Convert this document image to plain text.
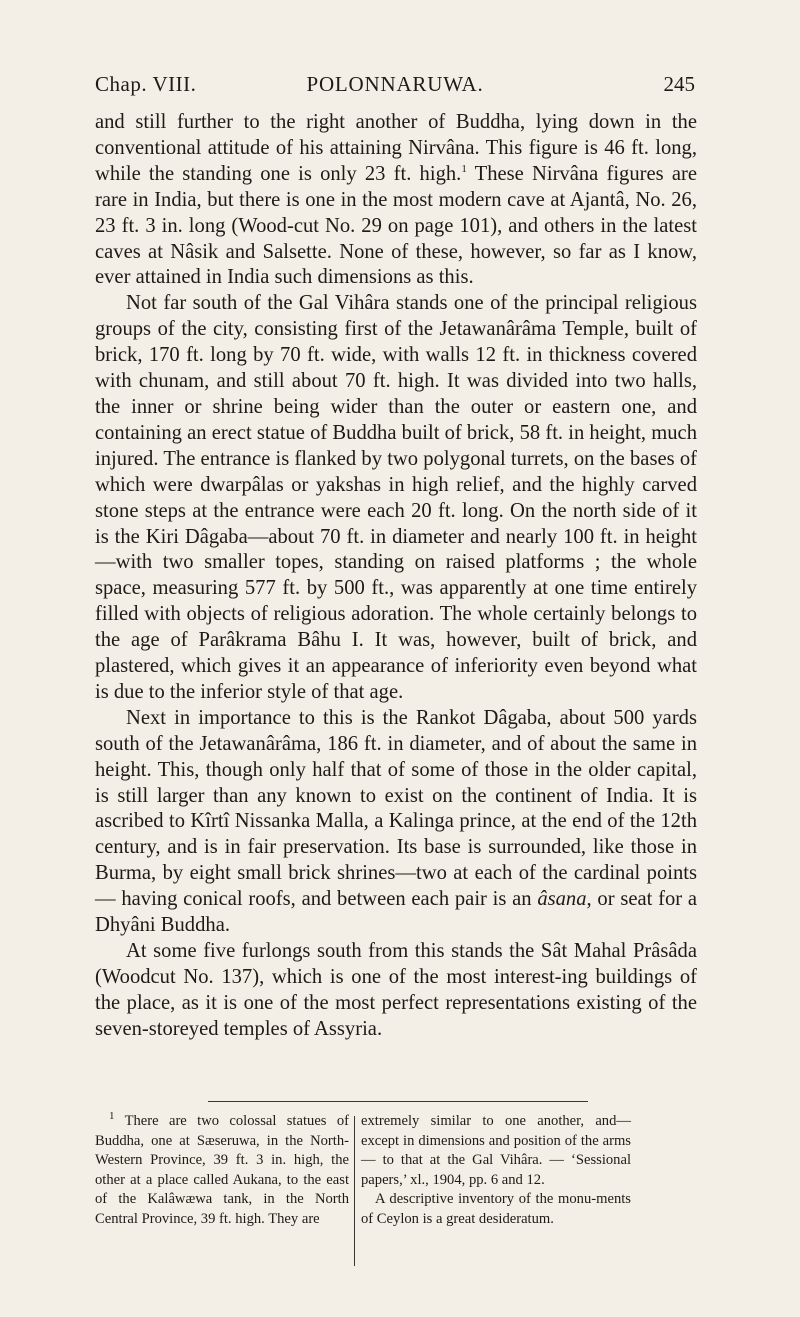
Chap. VIII.	POLONNARUWA.	245

and still further to the right another of Buddha, lying down in the conventional attitude of his attaining Nirvâna. This figure is 46 ft. long, while the standing one is only 23 ft. high.$^1$ These Nirvâna figures are rare in India, but there is one in the most modern cave at Ajantâ, No. 26, 23 ft. 3 in. long (Wood-cut No. 29 on page 101), and others in the latest caves at Nâsik and Salsette. None of these, however, so far as I know, ever attained in India such dimensions as this.

Not far south of the Gal Vihâra stands one of the principal religious groups of the city, consisting first of the Jetawanârâma Temple, built of brick, 170 ft. long by 70 ft. wide, with walls 12 ft. in thickness covered with chunam, and still about 70 ft. high. It was divided into two halls, the inner or shrine being wider than the outer or eastern one, and containing an erect statue of Buddha built of brick, 58 ft. in height, much injured. The entrance is flanked by two polygonal turrets, on the bases of which were dwarpâlas or yakshas in high relief, and the highly carved stone steps at the entrance were each 20 ft. long. On the north side of it is the Kiri Dâgaba—about 70 ft. in diameter and nearly 100 ft. in height—with two smaller topes, standing on raised platforms ; the whole space, measuring 577 ft. by 500 ft., was apparently at one time entirely filled with objects of religious adoration. The whole certainly belongs to the age of Parâkrama Bâhu I. It was, however, built of brick, and plastered, which gives it an appearance of inferiority even beyond what is due to the inferior style of that age.

Next in importance to this is the Rankot Dâgaba, about 500 yards south of the Jetawanârâma, 186 ft. in diameter, and of about the same in height. This, though only half that of some of those in the older capital, is still larger than any known to exist on the continent of India. It is ascribed to Kîrtî Nissanka Malla, a Kalinga prince, at the end of the 12th century, and is in fair preservation. Its base is surrounded, like those in Burma, by eight small brick shrines—two at each of the cardinal points — having conical roofs, and between each pair is an âsana, or seat for a Dhyâni Buddha.

At some five furlongs south from this stands the Sât Mahal Prâsâda (Woodcut No. 137), which is one of the most interest-ing buildings of the place, as it is one of the most perfect representations existing of the seven-storeyed temples of Assyria.

$^1$ There are two colossal statues of Buddha, one at Sæseruwa, in the North-Western Province, 39 ft. 3 in. high, the other at a place called Aukana, to the east of the Kalâwæwa tank, in the North Central Province, 39 ft. high. They are

extremely similar to one another, and— except in dimensions and position of the arms — to that at the Gal Vihâra. — ‘Sessional papers,’ xl., 1904, pp. 6 and 12.

A descriptive inventory of the monu-ments of Ceylon is a great desideratum.
